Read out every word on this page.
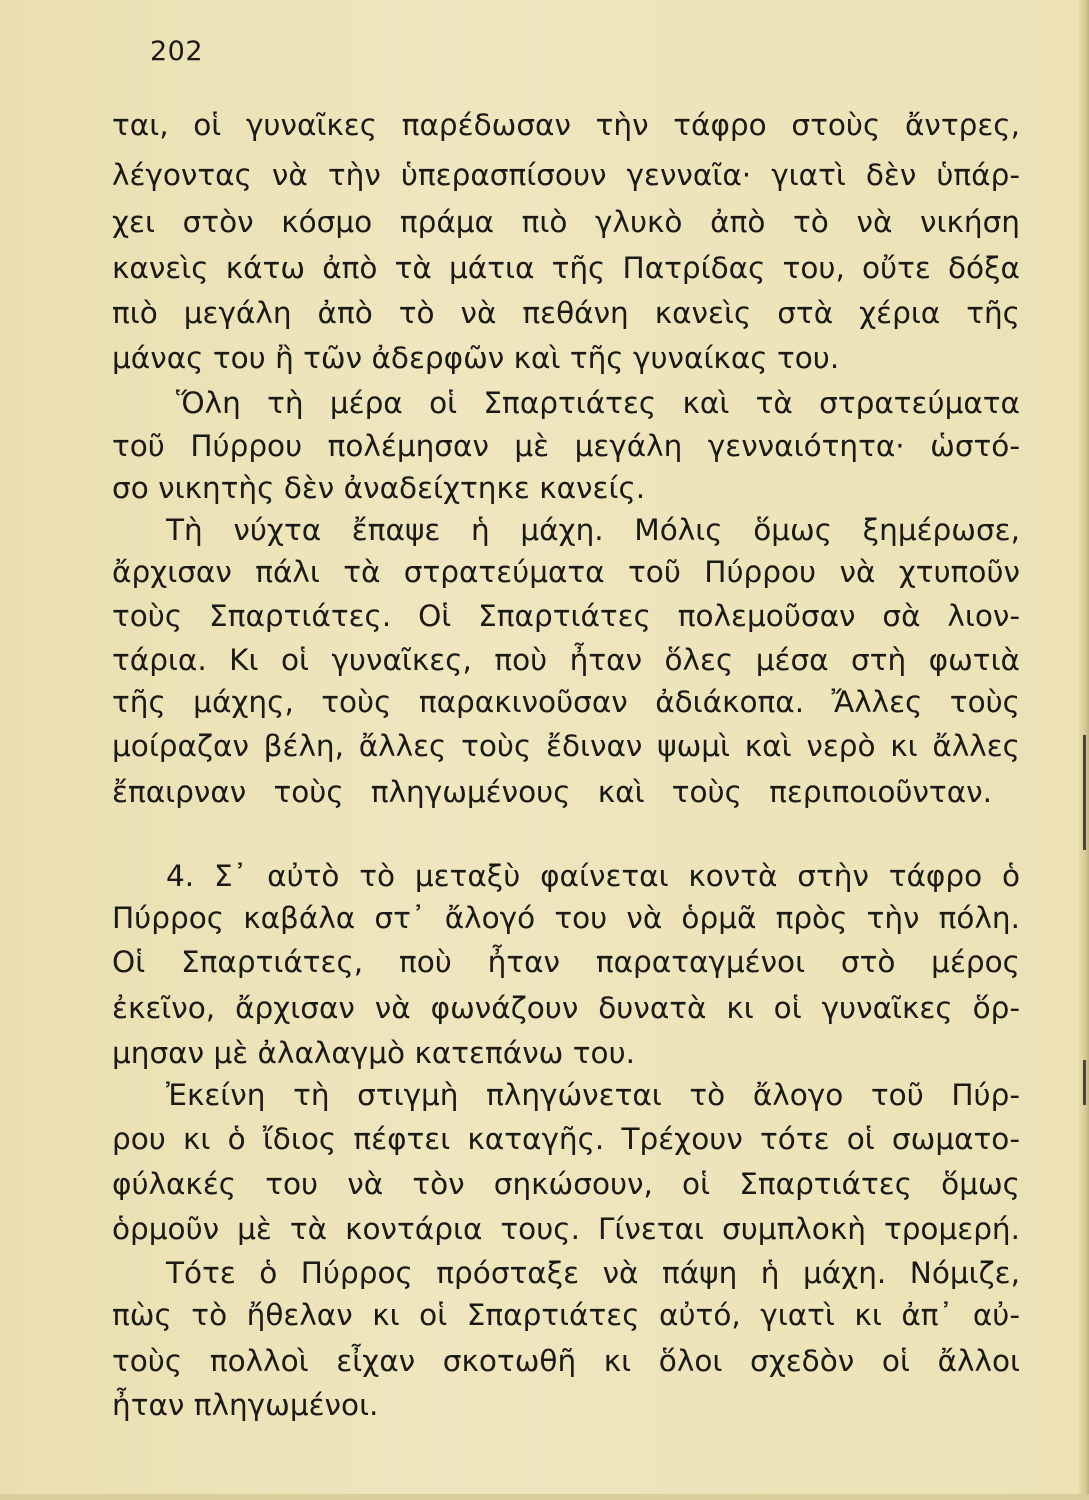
202
ται, οἱ γυναῖκες παρέδωσαν τὴν τάφρο στοὺς ἄντρες,
λέγοντας νὰ τὴν ὑπερασπίσουν γενναῖα· γιατὶ δὲν ὑπάρ-
χει στὸν κόσμο πράμα πιὸ γλυκὸ ἀπὸ τὸ νὰ νικήση
κανεὶς κάτω ἀπὸ τὰ μάτια τῆς Πατρίδας του, οὔτε δόξα
πιὸ μεγάλη ἀπὸ τὸ νὰ πεθάνη κανεὶς στὰ χέρια τῆς
μάνας του ἢ τῶν ἀδερφῶν καὶ τῆς γυναίκας του.
Ὅλη τὴ μέρα οἱ Σπαρτιάτες καὶ τὰ στρατεύματα
τοῦ Πύρρου πολέμησαν μὲ μεγάλη γενναιότητα· ὡστό-
σο νικητὴς δὲν ἀναδείχτηκε κανείς.
Τὴ νύχτα ἔπαψε ἡ μάχη. Μόλις ὅμως ξημέρωσε,
ἄρχισαν πάλι τὰ στρατεύματα τοῦ Πύρρου νὰ χτυποῦν
τοὺς Σπαρτιάτες. Οἱ Σπαρτιάτες πολεμοῦσαν σὰ λιον-
τάρια. Κι οἱ γυναῖκες, ποὺ ἦταν ὅλες μέσα στὴ φωτιὰ
τῆς μάχης, τοὺς παρακινοῦσαν ἀδιάκοπα. Ἄλλες τοὺς
μοίραζαν βέλη, ἄλλες τοὺς ἔδιναν ψωμὶ καὶ νερὸ κι ἄλλες
ἔπαιρναν τοὺς πληγωμένους καὶ τοὺς περιποιοῦνταν.
4. Σ᾽ αὐτὸ τὸ μεταξὺ φαίνεται κοντὰ στὴν τάφρο ὁ
Πύρρος καβάλα στ᾽ ἄλογό του νὰ ὁρμᾶ πρὸς τὴν πόλη.
Οἱ Σπαρτιάτες, ποὺ ἦταν παραταγμένοι στὸ μέρος
ἐκεῖνο, ἄρχισαν νὰ φωνάζουν δυνατὰ κι οἱ γυναῖκες ὅρ-
μησαν μὲ ἀλαλαγμὸ κατεπάνω του.
Ἐκείνη τὴ στιγμὴ πληγώνεται τὸ ἄλογο τοῦ Πύρ-
ρου κι ὁ ἴδιος πέφτει καταγῆς. Τρέχουν τότε οἱ σωματο-
φύλακές του νὰ τὸν σηκώσουν, οἱ Σπαρτιάτες ὅμως
ὁρμοῦν μὲ τὰ κοντάρια τους. Γίνεται συμπλοκὴ τρομερή.
Τότε ὁ Πύρρος πρόσταξε νὰ πάψη ἡ μάχη. Νόμιζε,
πὼς τὸ ἤθελαν κι οἱ Σπαρτιάτες αὐτό, γιατὶ κι ἀπ᾽ αὐ-
τοὺς πολλοὶ εἶχαν σκοτωθῆ κι ὅλοι σχεδὸν οἱ ἄλλοι
ἦταν πληγωμένοι.
